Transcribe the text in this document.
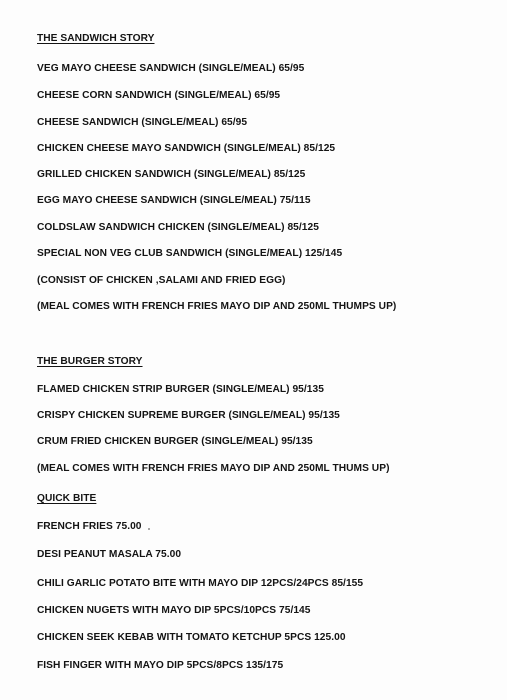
THE SANDWICH STORY
VEG MAYO CHEESE SANDWICH (SINGLE/MEAL) 65/95
CHEESE CORN SANDWICH (SINGLE/MEAL) 65/95
CHEESE SANDWICH (SINGLE/MEAL) 65/95
CHICKEN CHEESE MAYO SANDWICH (SINGLE/MEAL) 85/125
GRILLED CHICKEN SANDWICH (SINGLE/MEAL) 85/125
EGG MAYO CHEESE SANDWICH (SINGLE/MEAL) 75/115
COLDSLAW SANDWICH CHICKEN (SINGLE/MEAL) 85/125
SPECIAL NON VEG CLUB SANDWICH (SINGLE/MEAL) 125/145
(CONSIST OF CHICKEN ,SALAMI AND FRIED EGG)
(MEAL COMES WITH FRENCH FRIES MAYO DIP AND 250ML THUMPS UP)
THE BURGER STORY
FLAMED CHICKEN STRIP BURGER (SINGLE/MEAL) 95/135
CRISPY CHICKEN SUPREME BURGER (SINGLE/MEAL) 95/135
CRUM FRIED CHICKEN BURGER (SINGLE/MEAL) 95/135
(MEAL COMES WITH FRENCH FRIES MAYO DIP AND 250ML THUMS UP)
QUICK BITE
FRENCH FRIES 75.00
DESI PEANUT MASALA 75.00
CHILI GARLIC POTATO BITE WITH MAYO DIP 12PCS/24PCS 85/155
CHICKEN NUGETS WITH MAYO DIP 5PCS/10PCS 75/145
CHICKEN SEEK KEBAB WITH TOMATO KETCHUP 5PCS 125.00
FISH FINGER WITH MAYO DIP 5PCS/8PCS 135/175
